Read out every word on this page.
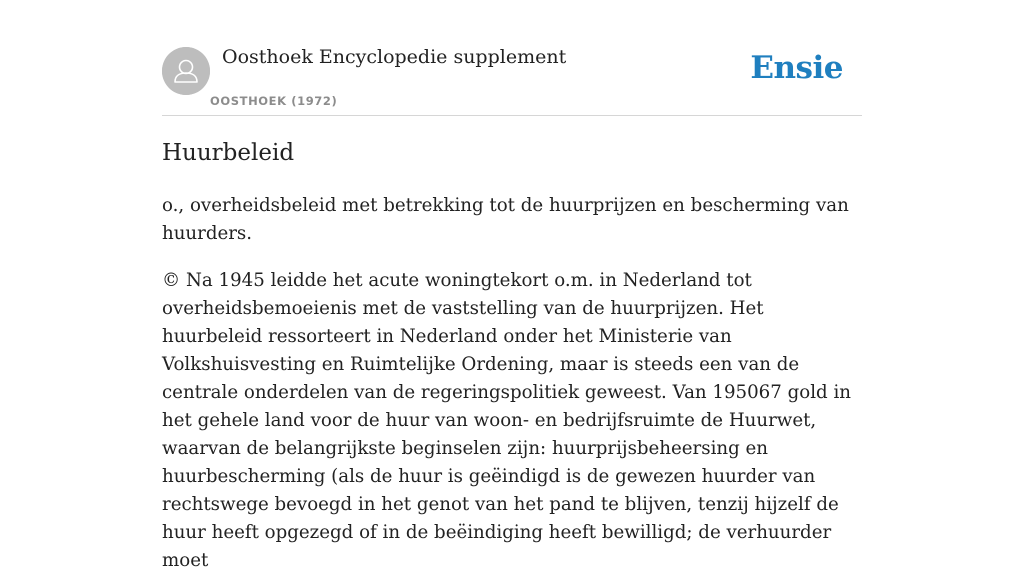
Oosthoek Encyclopedie supplement
OOSTHOEK (1972)
Ensie
Huurbeleid

o., overheidsbeleid met betrekking tot de huurprijzen en bescherming van huurders.

© Na 1945 leidde het acute woningtekort o.m. in Nederland tot overheidsbemoeienis met de vaststelling van de huurprijzen. Het huurbeleid ressorteert in Nederland onder het Ministerie van Volkshuisvesting en Ruimtelijke Ordening, maar is steeds een van de centrale onderdelen van de regeringspolitiek geweest. Van 195067 gold in het gehele land voor de huur van woon- en bedrijfsruimte de Huurwet, waarvan de belangrijkste beginselen zijn: huurprijsbeheersing en huurbescherming (als de huur is geëindigd is de gewezen huurder van rechtswege bevoegd in het genot van het pand te blijven, tenzij hijzelf de huur heeft opgezegd of in de beëindiging heeft bewilligd; de verhuurder moet
